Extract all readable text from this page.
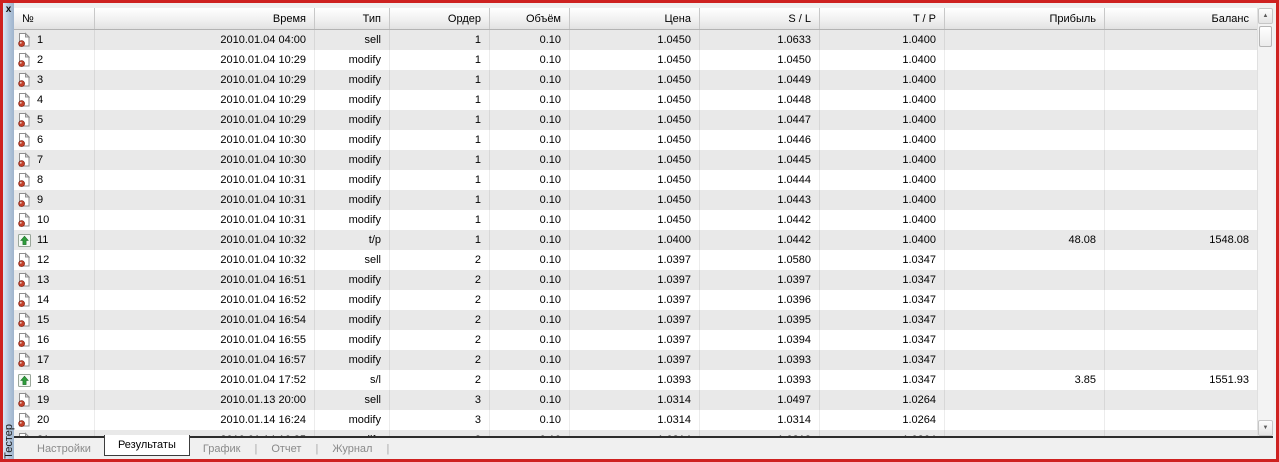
x
Тестер
№	Время	Тип	Ордер	Объём	Цена	S / L	T / P	Прибыль	Баланс
1	2010.01.04 04:00	sell	1	0.10	1.0450	1.0633	1.0400
2	2010.01.04 10:29	modify	1	0.10	1.0450	1.0450	1.0400
3	2010.01.04 10:29	modify	1	0.10	1.0450	1.0449	1.0400
4	2010.01.04 10:29	modify	1	0.10	1.0450	1.0448	1.0400
5	2010.01.04 10:29	modify	1	0.10	1.0450	1.0447	1.0400
6	2010.01.04 10:30	modify	1	0.10	1.0450	1.0446	1.0400
7	2010.01.04 10:30	modify	1	0.10	1.0450	1.0445	1.0400
8	2010.01.04 10:31	modify	1	0.10	1.0450	1.0444	1.0400
9	2010.01.04 10:31	modify	1	0.10	1.0450	1.0443	1.0400
10	2010.01.04 10:31	modify	1	0.10	1.0450	1.0442	1.0400
11	2010.01.04 10:32	t/p	1	0.10	1.0400	1.0442	1.0400	48.08	1548.08
12	2010.01.04 10:32	sell	2	0.10	1.0397	1.0580	1.0347
13	2010.01.04 16:51	modify	2	0.10	1.0397	1.0397	1.0347
14	2010.01.04 16:52	modify	2	0.10	1.0397	1.0396	1.0347
15	2010.01.04 16:54	modify	2	0.10	1.0397	1.0395	1.0347
16	2010.01.04 16:55	modify	2	0.10	1.0397	1.0394	1.0347
17	2010.01.04 16:57	modify	2	0.10	1.0397	1.0393	1.0347
18	2010.01.04 17:52	s/l	2	0.10	1.0393	1.0393	1.0347	3.85	1551.93
19	2010.01.13 20:00	sell	3	0.10	1.0314	1.0497	1.0264
20	2010.01.14 16:24	modify	3	0.10	1.0314	1.0314	1.0264
▲
▼
Настройки	Результаты	График	|	Отчет	|	Журнал	|
